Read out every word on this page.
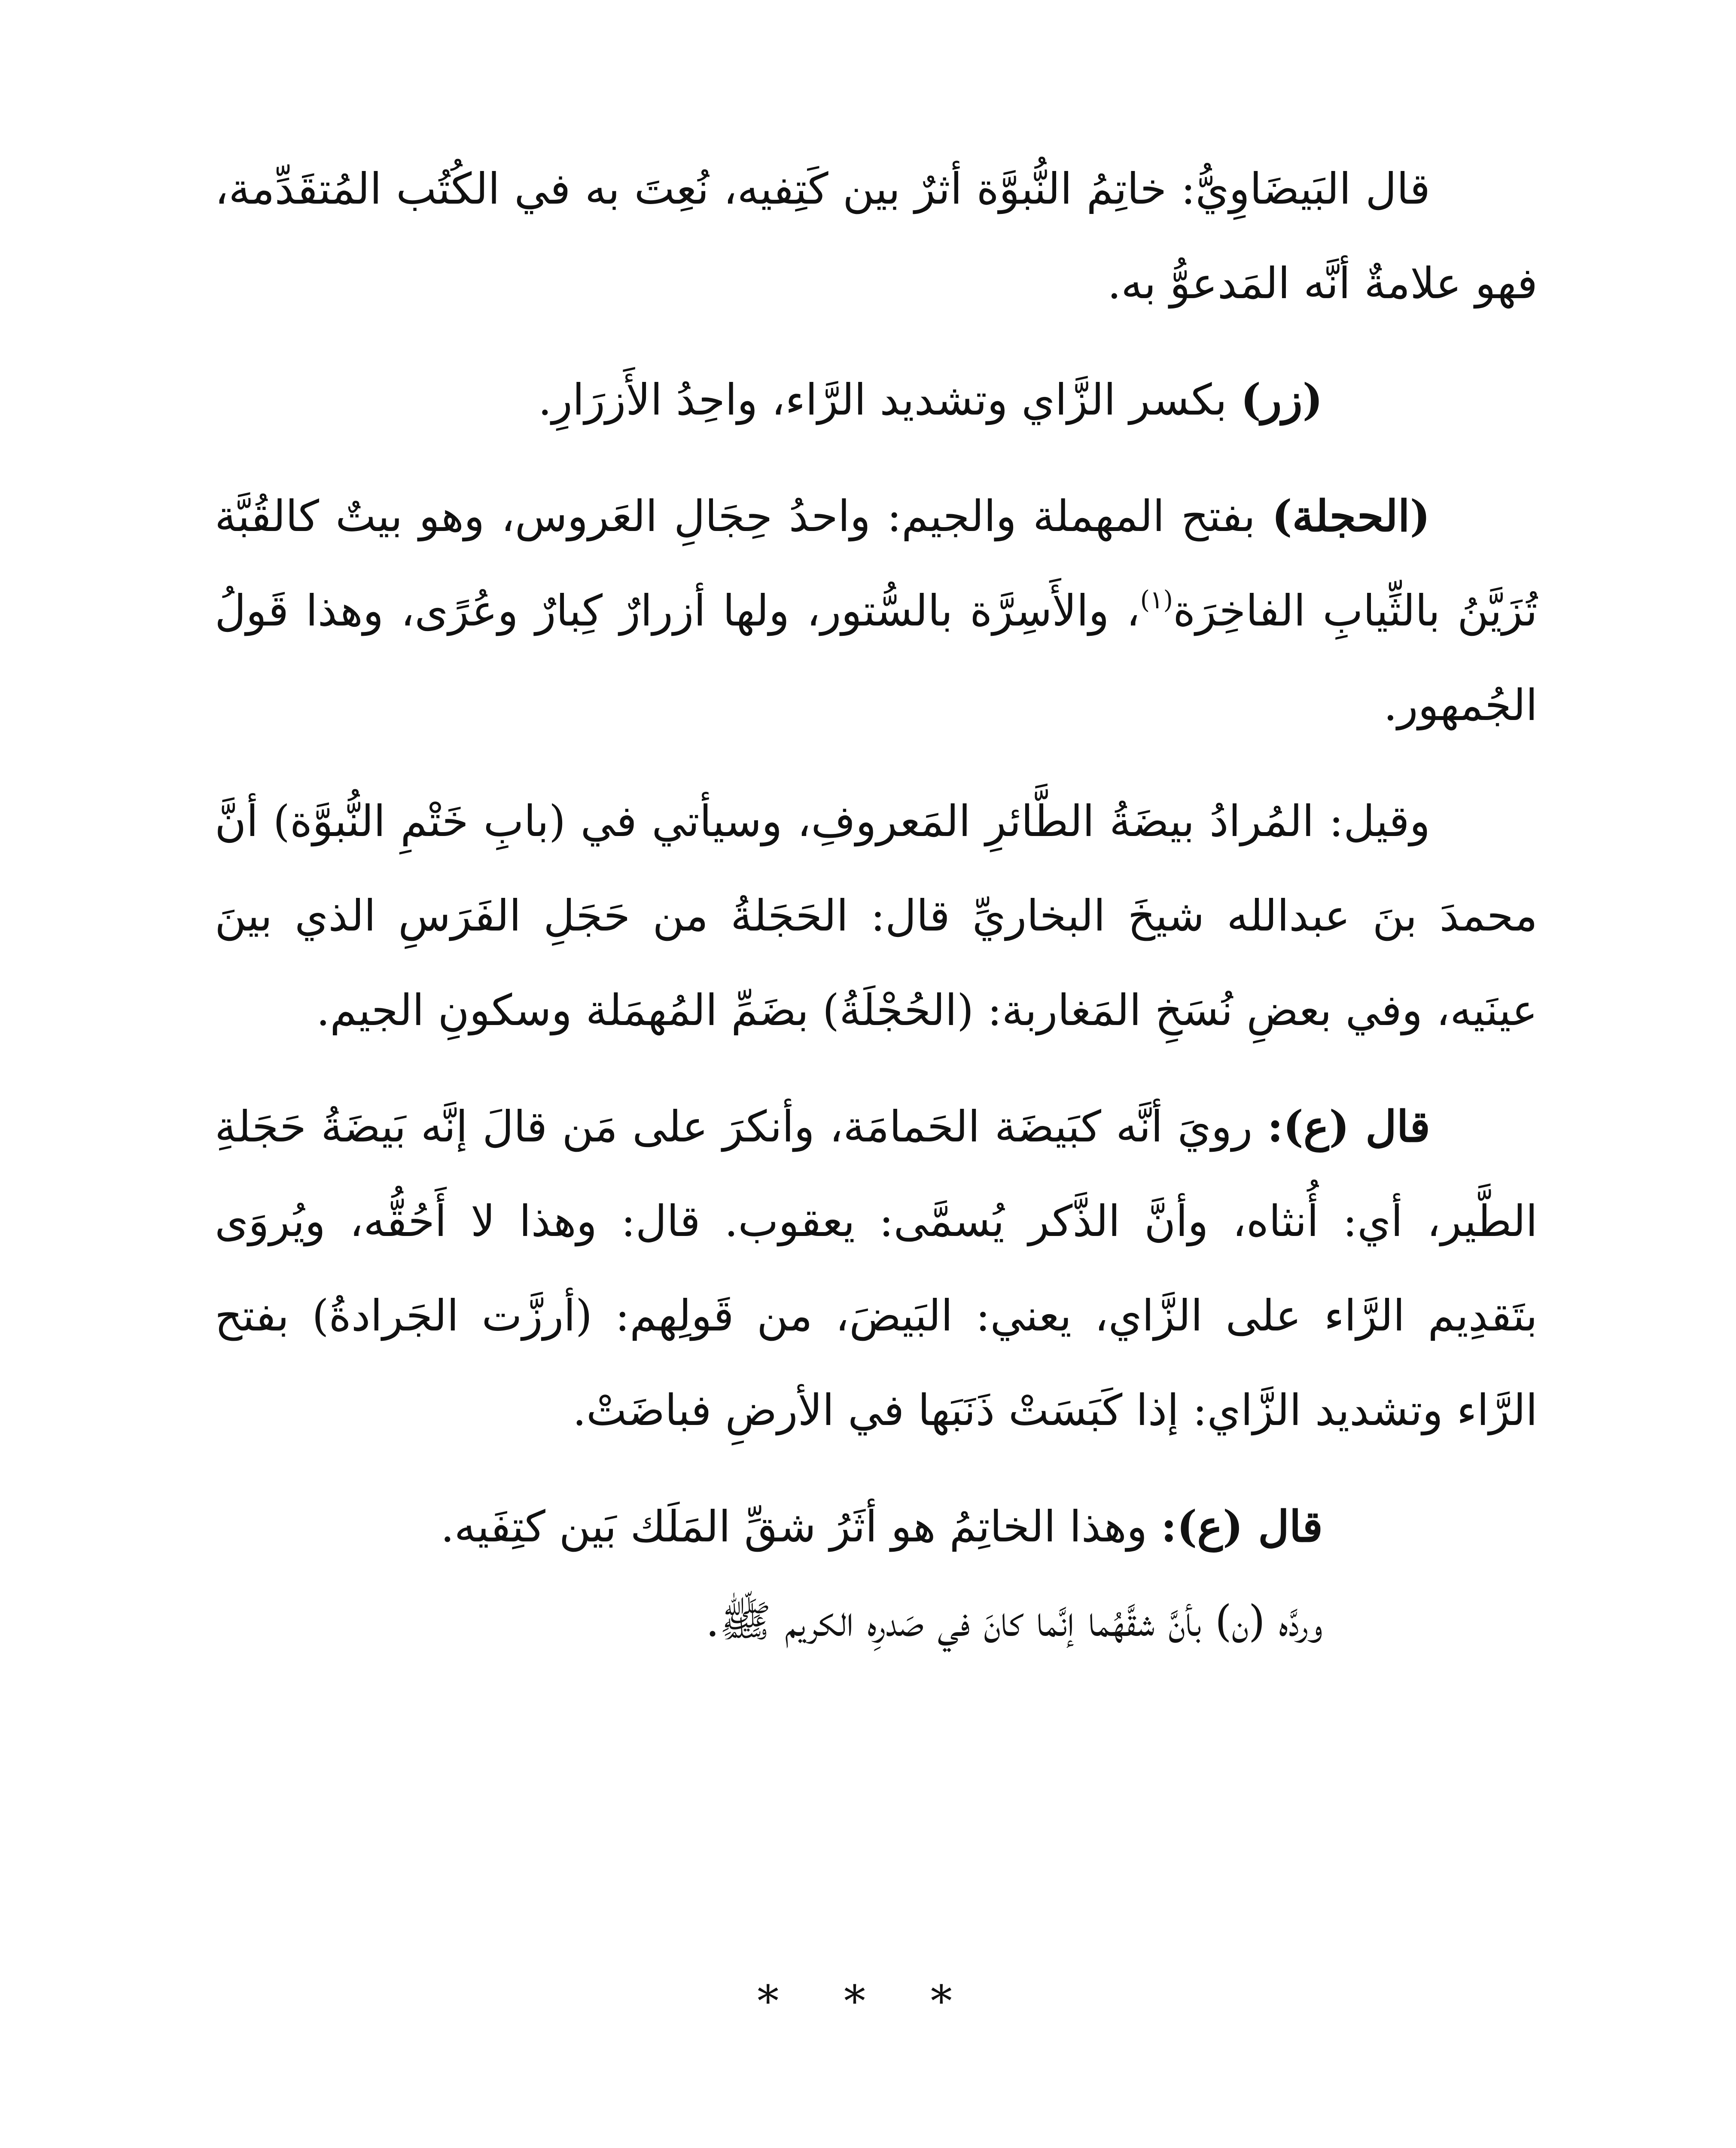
قال البَيضَاوِيُّ: خاتِمُ النُّبوَّة أثرٌ بين كَتِفيه، نُعِتَ به في الكُتُب المُتقَدِّمة، فهو علامةٌ أنَّه المَدعوُّ به.

(زر) بكسر الزَّاي وتشديد الرَّاء، واحِدُ الأَزرَارِ.

(الحجلة) بفتح المهملة والجيم: واحدُ حِجَالِ العَروس، وهو بيتٌ كالقُبَّة تُزَيَّنُ بالثِّيابِ الفاخِرَة$^{(١)}$، والأَسِرَّة بالسُّتور، ولها أزرارٌ كِبارٌ وعُرًى، وهذا قَولُ الجُمهور.

وقيل: المُرادُ بيضَةُ الطَّائرِ المَعروفِ، وسيأتي في (بابِ خَتْمِ النُّبوَّة) أنَّ محمدَ بنَ عبدالله شيخَ البخاريِّ قال: الحَجَلةُ من حَجَلِ الفَرَسِ الذي بينَ عينَيه، وفي بعضِ نُسَخِ المَغاربة: (الحُجْلَةُ) بضَمِّ المُهمَلة وسكونِ الجيم.

قال (ع): رويَ أنَّه كبَيضَة الحَمامَة، وأنكرَ على مَن قالَ إنَّه بَيضَةُ حَجَلةِ الطَّير، أي: أُنثاه، وأنَّ الذَّكر يُسمَّى: يعقوب. قال: وهذا لا أَحُقُّه، ويُروَى بتَقدِيم الرَّاء على الزَّاي، يعني: البَيضَ، من قَولِهم: (أرزَّت الجَرادةُ) بفتح الرَّاء وتشديد الزَّاي: إذا كَبَسَتْ ذَنَبَها في الأرضِ فباضَتْ.

قال (ع): وهذا الخاتِمُ هو أثَرُ شقِّ المَلَك بَين كتِفَيه.

وردَّه (ن) بأنَّ شقَّهُما إنَّما كانَ في صَدرِه الكريم ﷺ.

* * *
